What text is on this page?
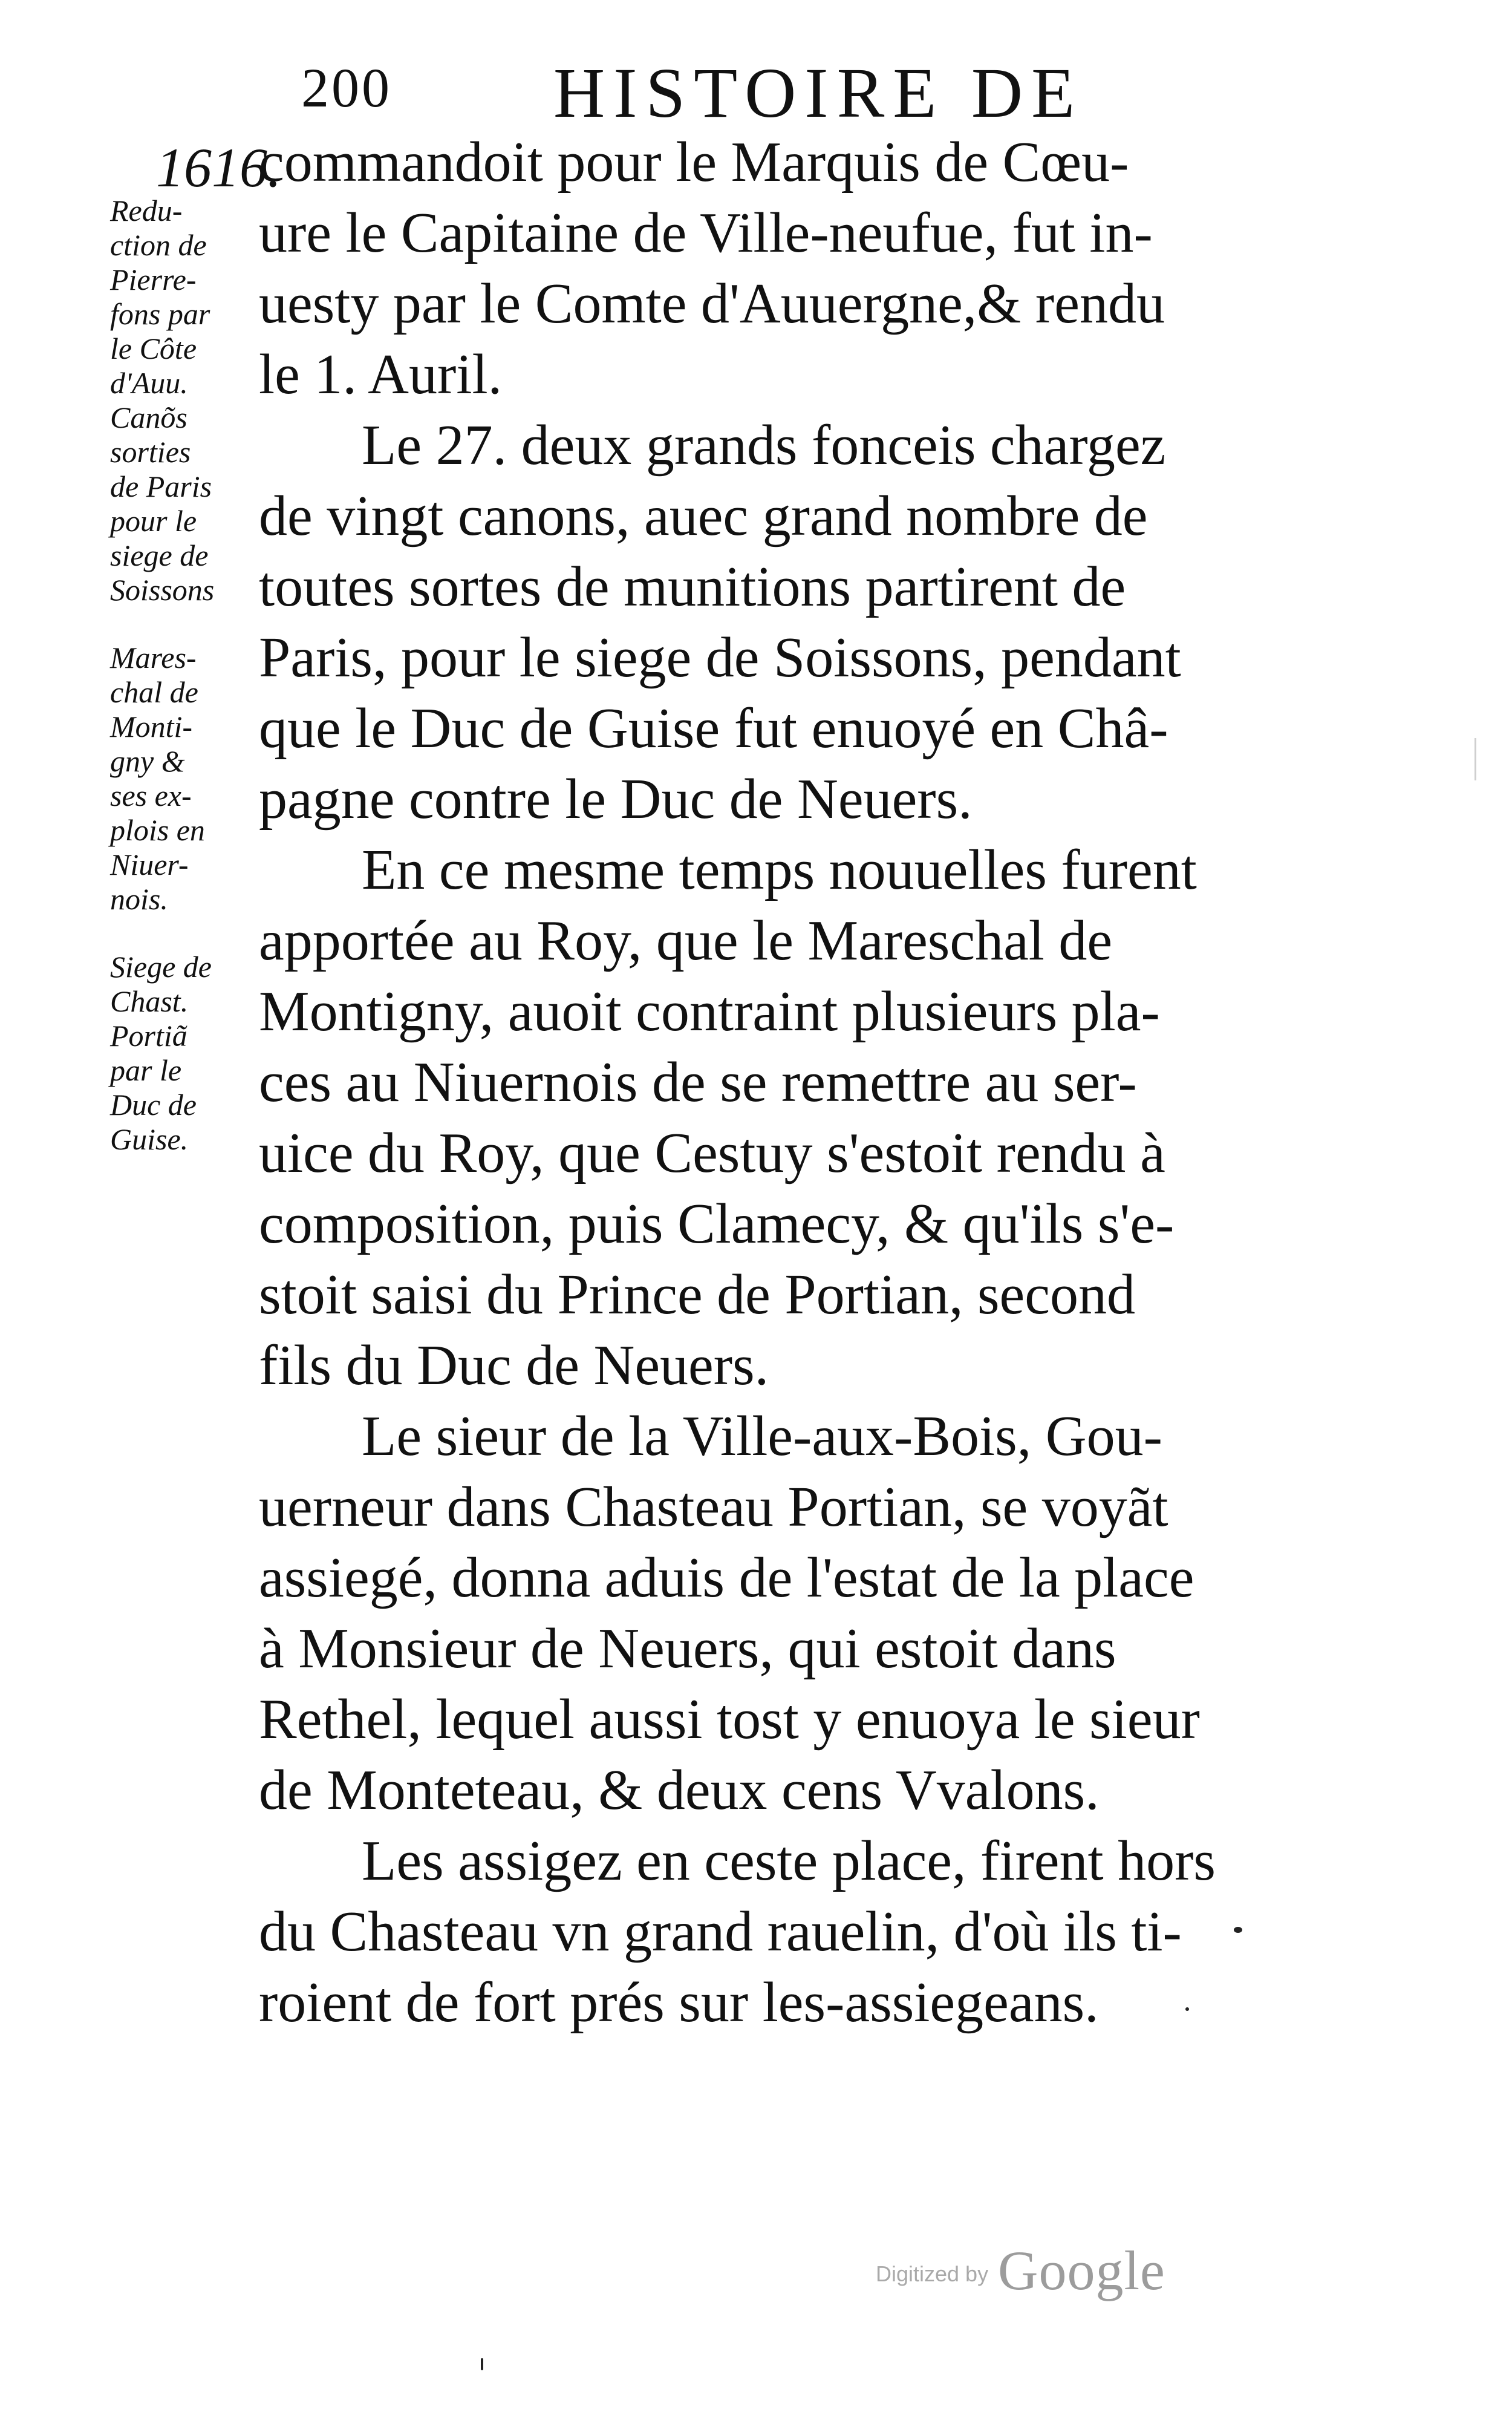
200 HISTOIRE DE
1616.
commandoit pour le Marquis de Cœu-
ure le Capitaine de Ville-neufue, fut in-
uesty par le Comte d'Auuergne,& rendu
le 1. Auril.
Le 27. deux grands fonceis chargez
de vingt canons, auec grand nombre de
toutes sortes de munitions partirent de
Paris, pour le siege de Soissons, pendant
que le Duc de Guise fut enuoyé en Châ-
pagne contre le Duc de Neuers.
En ce mesme temps nouuelles furent
apportée au Roy, que le Mareschal de
Montigny, auoit contraint plusieurs pla-
ces au Niuernois de se remettre au ser-
uice du Roy, que Cestuy s'estoit rendu à
composition, puis Clamecy, & qu'ils s'e-
stoit saisi du Prince de Portian, second
fils du Duc de Neuers.
Le sieur de la Ville-aux-Bois, Gou-
uerneur dans Chasteau Portian, se voyãt
assiegé, donna aduis de l'estat de la place
à Monsieur de Neuers, qui estoit dans
Rethel, lequel aussi tost y enuoya le sieur
de Monteteau, & deux cens Vvalons.
Les assigez en ceste place, firent hors
du Chasteau vn grand rauelin, d'où ils ti-
roient de fort prés sur les-assiegeans.
Redu-
ction de
Pierre-
fons par
le Côte
d'Auu.
Canõs
sorties
de Paris
pour le
siege de
Soissons
Mares-
chal de
Monti-
gny &
ses ex-
plois en
Niuer-
nois.
Siege de
Chast.
Portiã
par le
Duc de
Guise.
Digitized by Google
